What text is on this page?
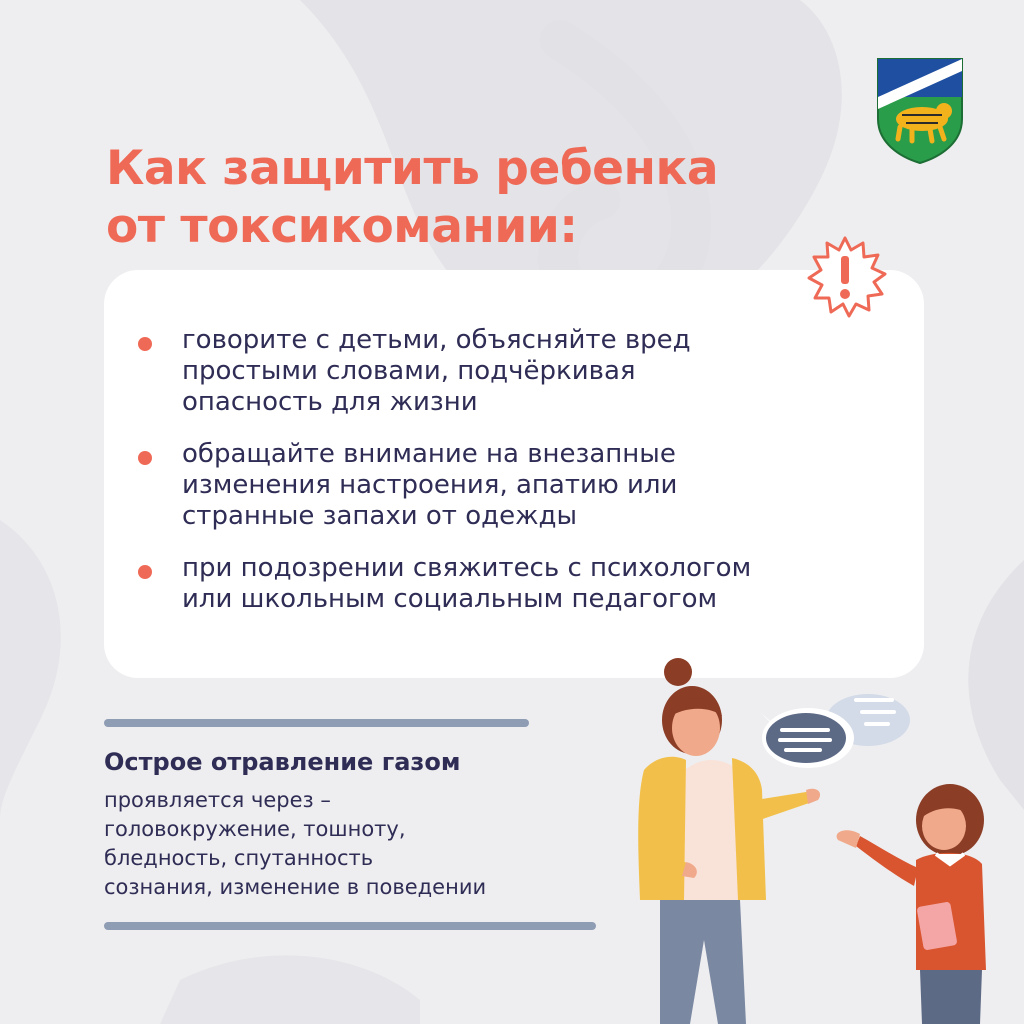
Как защитить ребенка
от токсикомании:
говорите с детьми, объясняйте вред
простыми словами, подчёркивая
опасность для жизни
обращайте внимание на внезапные
изменения настроения, апатию или
странные запахи от одежды
при подозрении свяжитесь с психологом
или школьным социальным педагогом
Острое отравление газом

проявляется через –
головокружение, тошноту,
бледность, спутанность
сознания, изменение в поведении
